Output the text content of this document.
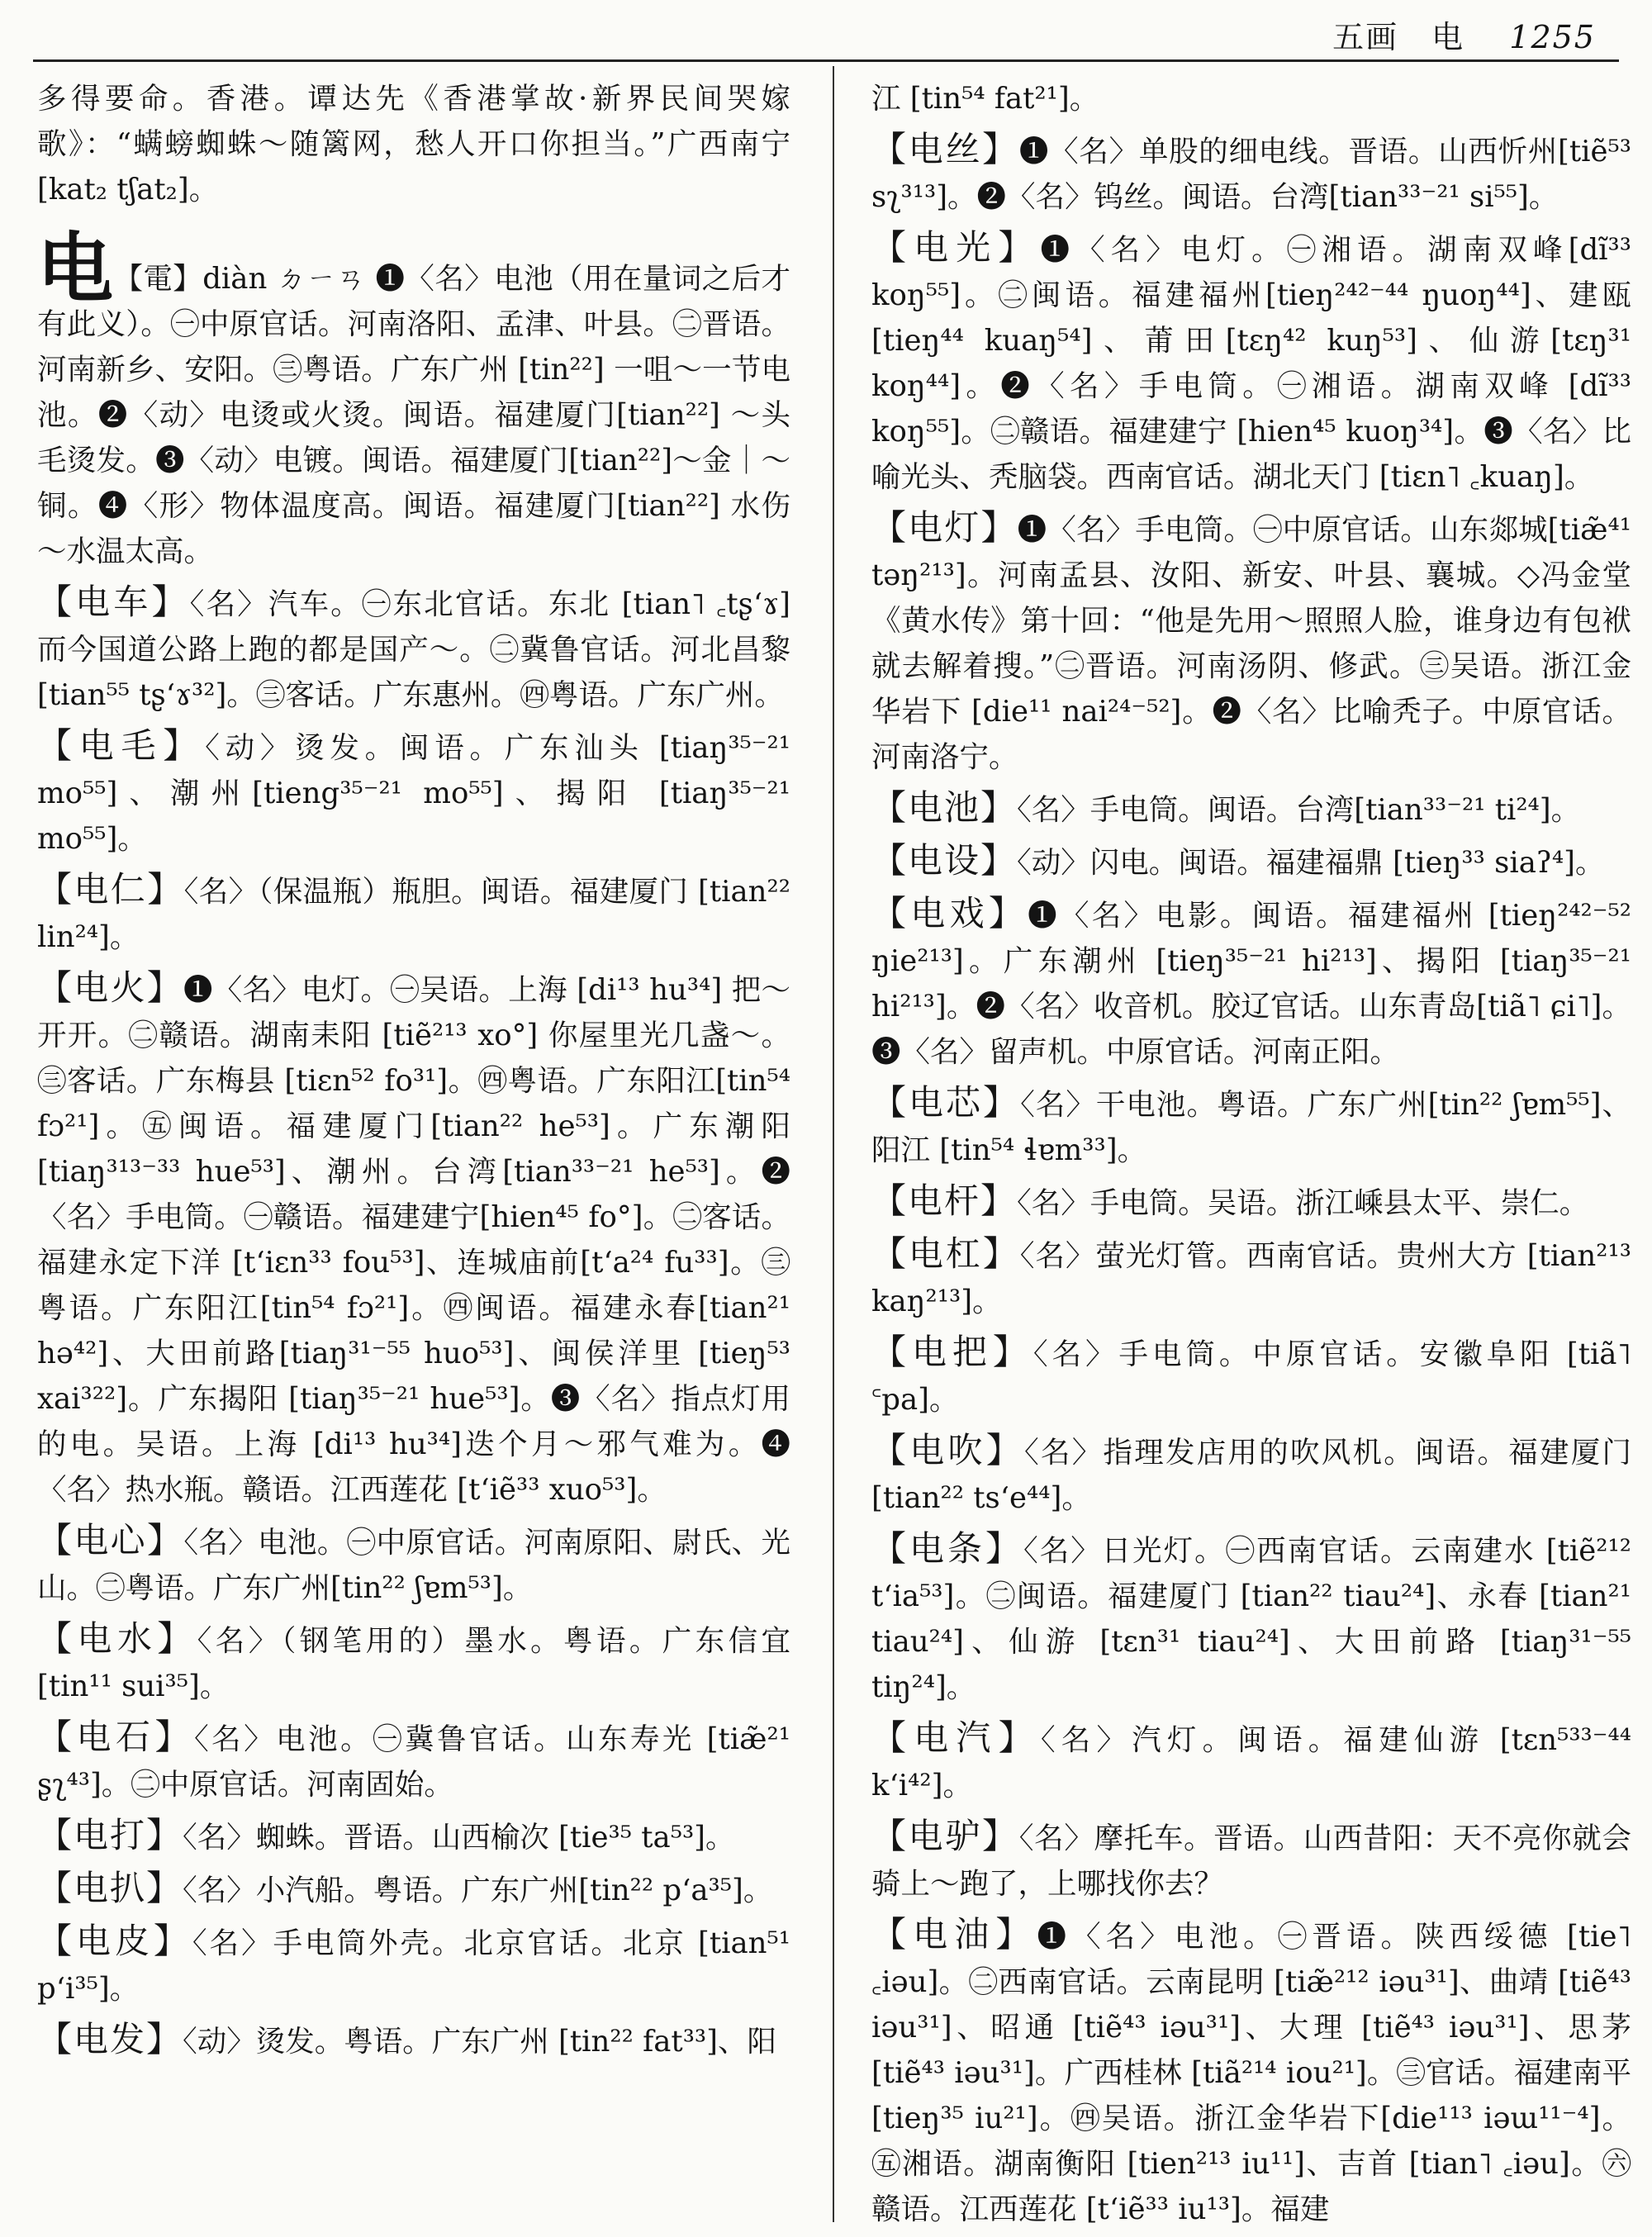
五画　电 1255

多得要命。香港。谭达先《香港掌故·新界民间哭嫁歌》：“螨螃蜘蛛～随篱网，愁人开口你担当。”广西南宁[kat₂ tʃat₂]。

电【電】diàn ㄉㄧㄢ ❶〈名〉电池（用在量词之后才有此义）。㊀中原官话。河南洛阳、孟津、叶县。㊁晋语。河南新乡、安阳。㊂粤语。广东广州 [tin²²] 一咀～一节电池。❷〈动〉电烫或火烫。闽语。福建厦门[tian²²] ～头毛烫发。❸〈动〉电镀。闽语。福建厦门[tian²²]～金｜～铜。❹〈形〉物体温度高。闽语。福建厦门[tian²²] 水伤～水温太高。

【电车】〈名〉汽车。㊀东北官话。东北 [tian˥ ꜀tʂʻɤ] 而今国道公路上跑的都是国产～。㊁冀鲁官话。河北昌黎 [tian⁵⁵ tʂʻɤ³²]。㊂客话。广东惠州。㊃粤语。广东广州。

【电毛】〈动〉烫发。闽语。广东汕头 [tiaŋ³⁵⁻²¹ mo⁵⁵]、潮州[tieng³⁵⁻²¹ mo⁵⁵]、揭阳 [tiaŋ³⁵⁻²¹ mo⁵⁵]。

【电仁】〈名〉（保温瓶）瓶胆。闽语。福建厦门 [tian²² lin²⁴]。

【电火】❶〈名〉电灯。㊀吴语。上海 [di¹³ hu³⁴] 把～开开。㊁赣语。湖南耒阳 [tiẽ²¹³ xo°] 你屋里光几盏～。㊂客话。广东梅县 [tiɛn⁵² fo³¹]。㊃粤语。广东阳江[tin⁵⁴ fɔ²¹]。㊄闽语。福建厦门[tian²² he⁵³]。广东潮阳 [tiaŋ³¹³⁻³³ hue⁵³]、潮州。台湾[tian³³⁻²¹ he⁵³]。❷〈名〉手电筒。㊀赣语。福建建宁[hien⁴⁵ fo°]。㊁客话。福建永定下洋 [tʻiɛn³³ fou⁵³]、连城庙前[tʻa²⁴ fu³³]。㊂粤语。广东阳江[tin⁵⁴ fɔ²¹]。㊃闽语。福建永春[tian²¹ hə⁴²]、大田前路[tiaŋ³¹⁻⁵⁵ huo⁵³]、闽侯洋里 [tieŋ⁵³ xai³²²]。广东揭阳 [tiaŋ³⁵⁻²¹ hue⁵³]。❸〈名〉指点灯用的电。吴语。上海 [di¹³ hu³⁴]迭个月～邪气难为。❹〈名〉热水瓶。赣语。江西莲花 [tʻiẽ³³ xuo⁵³]。

【电心】〈名〉电池。㊀中原官话。河南原阳、尉氏、光山。㊁粤语。广东广州[tin²² ʃɐm⁵³]。

【电水】〈名〉（钢笔用的）墨水。粤语。广东信宜 [tin¹¹ sui³⁵]。

【电石】〈名〉电池。㊀冀鲁官话。山东寿光 [tiæ̃²¹ ʂʅ⁴³]。㊁中原官话。河南固始。

【电打】〈名〉蜘蛛。晋语。山西榆次 [tie³⁵ ta⁵³]。

【电扒】〈名〉小汽船。粤语。广东广州[tin²² pʻa³⁵]。

【电皮】〈名〉手电筒外壳。北京官话。北京 [tian⁵¹ pʻi³⁵]。

【电发】〈动〉烫发。粤语。广东广州 [tin²² fat³³]、阳

江 [tin⁵⁴ fat²¹]。

【电丝】❶〈名〉单股的细电线。晋语。山西忻州[tiẽ⁵³ sʅ³¹³]。❷〈名〉钨丝。闽语。台湾[tian³³⁻²¹ si⁵⁵]。

【电光】❶〈名〉电灯。㊀湘语。湖南双峰[dĩ³³ koŋ⁵⁵]。㊁闽语。福建福州[tieŋ²⁴²⁻⁴⁴ ŋuoŋ⁴⁴]、建瓯[tieŋ⁴⁴ kuaŋ⁵⁴]、莆田[tɛŋ⁴² kuŋ⁵³]、仙游[tɛŋ³¹ koŋ⁴⁴]。❷〈名〉手电筒。㊀湘语。湖南双峰 [dĩ³³ koŋ⁵⁵]。㊁赣语。福建建宁 [hien⁴⁵ kuoŋ³⁴]。❸〈名〉比喻光头、秃脑袋。西南官话。湖北天门 [tiɛn˥ ꜀kuaŋ]。

【电灯】❶〈名〉手电筒。㊀中原官话。山东郯城[tiæ̃⁴¹ təŋ²¹³]。河南孟县、汝阳、新安、叶县、襄城。◇冯金堂《黄水传》第十回：“他是先用～照照人脸，谁身边有包袱就去解着搜。”㊁晋语。河南汤阴、修武。㊂吴语。浙江金华岩下 [die¹¹ nai²⁴⁻⁵²]。❷〈名〉比喻秃子。中原官话。河南洛宁。

【电池】〈名〉手电筒。闽语。台湾[tian³³⁻²¹ ti²⁴]。

【电设】〈动〉闪电。闽语。福建福鼎 [tieŋ³³ siaʔ⁴]。

【电戏】❶〈名〉电影。闽语。福建福州 [tieŋ²⁴²⁻⁵² ŋie²¹³]。广东潮州 [tieŋ³⁵⁻²¹ hi²¹³]、揭阳 [tiaŋ³⁵⁻²¹ hi²¹³]。❷〈名〉收音机。胶辽官话。山东青岛[tiã˥ ɕi˥]。❸〈名〉留声机。中原官话。河南正阳。

【电芯】〈名〉干电池。粤语。广东广州[tin²² ʃɐm⁵⁵]、阳江 [tin⁵⁴ ɬɐm³³]。

【电杆】〈名〉手电筒。吴语。浙江嵊县太平、崇仁。

【电杠】〈名〉萤光灯管。西南官话。贵州大方 [tian²¹³ kaŋ²¹³]。

【电把】〈名〉手电筒。中原官话。安徽阜阳 [tiã˥ ꜂pa]。

【电吹】〈名〉指理发店用的吹风机。闽语。福建厦门 [tian²² tsʻe⁴⁴]。

【电条】〈名〉日光灯。㊀西南官话。云南建水 [tiẽ²¹² tʻia⁵³]。㊁闽语。福建厦门 [tian²² tiau²⁴]、永春 [tian²¹ tiau²⁴]、仙游 [tɛn³¹ tiau²⁴]、大田前路 [tiaŋ³¹⁻⁵⁵ tiŋ²⁴]。

【电汽】〈名〉汽灯。闽语。福建仙游 [tɛn⁵³³⁻⁴⁴ kʻi⁴²]。

【电驴】〈名〉摩托车。晋语。山西昔阳：天不亮你就会骑上～跑了，上哪找你去？

【电油】❶〈名〉电池。㊀晋语。陕西绥德 [tie˥ ꜀iəu]。㊁西南官话。云南昆明 [tiæ̃²¹² iəu³¹]、曲靖 [tiẽ⁴³ iəu³¹]、昭通 [tiẽ⁴³ iəu³¹]、大理 [tiẽ⁴³ iəu³¹]、思茅 [tiẽ⁴³ iəu³¹]。广西桂林 [tiã²¹⁴ iou²¹]。㊂官话。福建南平 [tieŋ³⁵ iu²¹]。㊃吴语。浙江金华岩下[die¹¹³ iəɯ¹¹⁻⁴]。㊄湘语。湖南衡阳 [tien²¹³ iu¹¹]、吉首 [tian˥ ꜀iəu]。㊅赣语。江西莲花 [tʻiẽ³³ iu¹³]。福建
